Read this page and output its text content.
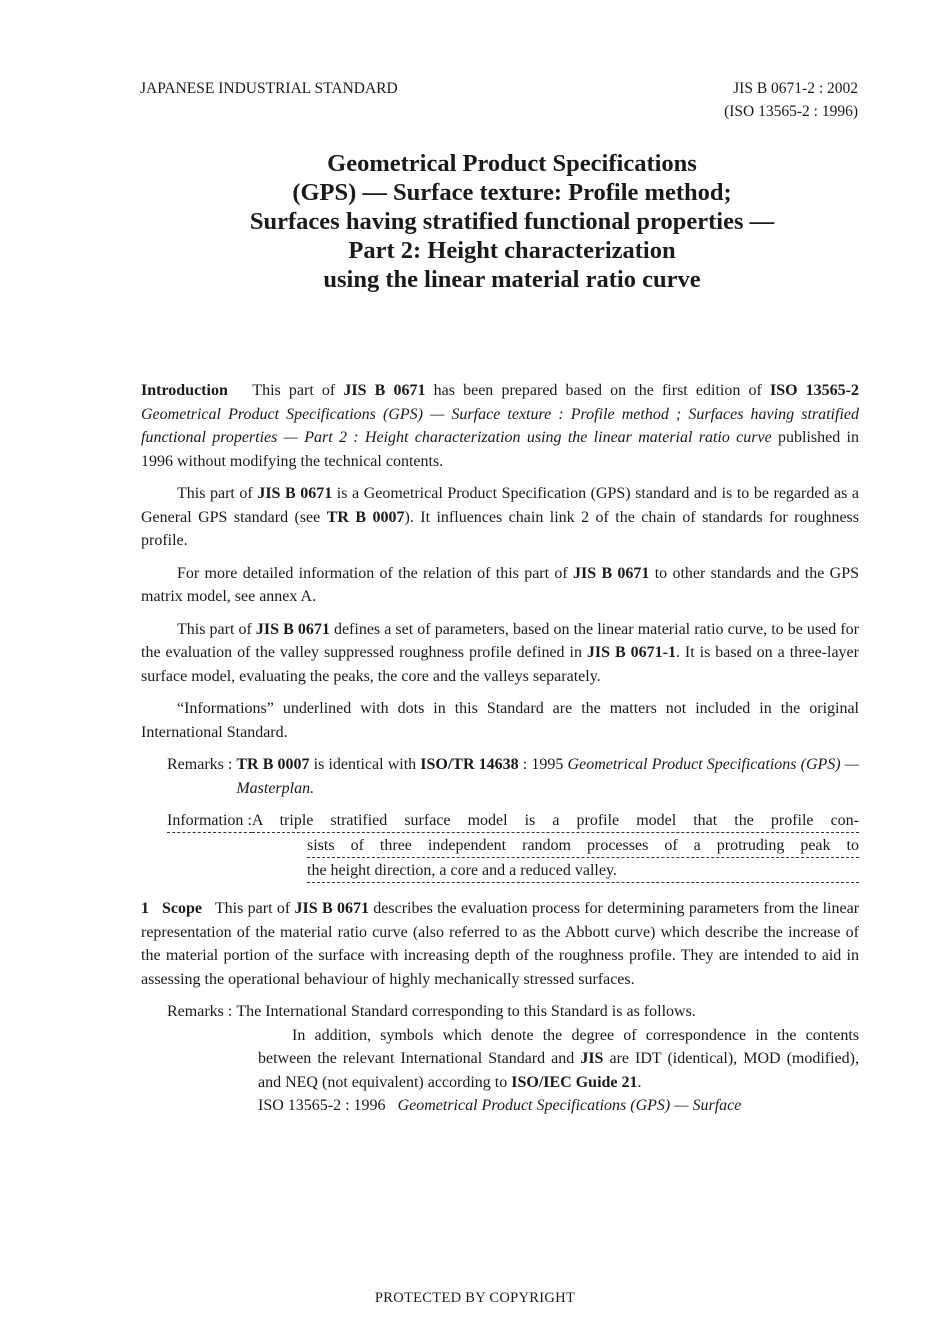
JAPANESE INDUSTRIAL STANDARD	JIS B 0671-2 : 2002
(ISO 13565-2 : 1996)
Geometrical Product Specifications
(GPS) — Surface texture: Profile method;
Surfaces having stratified functional properties —
Part 2: Height characterization
using the linear material ratio curve

Introduction This part of JIS B 0671 has been prepared based on the first edition of ISO 13565-2 Geometrical Product Specifications (GPS) — Surface texture : Profile method ; Surfaces having stratified functional properties — Part 2 : Height characterization using the linear material ratio curve published in 1996 without modifying the technical contents.

This part of JIS B 0671 is a Geometrical Product Specification (GPS) standard and is to be regarded as a General GPS standard (see TR B 0007). It influences chain link 2 of the chain of standards for roughness profile.

For more detailed information of the relation of this part of JIS B 0671 to other standards and the GPS matrix model, see annex A.

This part of JIS B 0671 defines a set of parameters, based on the linear material ratio curve, to be used for the evaluation of the valley suppressed roughness profile defined in JIS B 0671-1. It is based on a three-layer surface model, evaluating the peaks, the core and the valleys separately.

“Informations” underlined with dots in this Standard are the matters not included in the original International Standard.

Remarks : TR B 0007 is identical with ISO/TR 14638 : 1995 Geometrical Product Specifications (GPS) — Masterplan.
Information : A triple stratified surface model is a profile model that the profile con-
sists of three independent random processes of a protruding peak to
the height direction, a core and a reduced valley.

1 Scope This part of JIS B 0671 describes the evaluation process for determining parameters from the linear representation of the material ratio curve (also referred to as the Abbott curve) which describe the increase of the material portion of the surface with increasing depth of the roughness profile. They are intended to aid in assessing the operational behaviour of highly mechanically stressed surfaces.

Remarks : The International Standard corresponding to this Standard is as follows.

In addition, symbols which denote the degree of correspondence in the contents between the relevant International Standard and JIS are IDT (identical), MOD (modified), and NEQ (not equivalent) according to ISO/IEC Guide 21.

ISO 13565-2 : 1996 Geometrical Product Specifications (GPS) — Surface

PROTECTED BY COPYRIGHT
